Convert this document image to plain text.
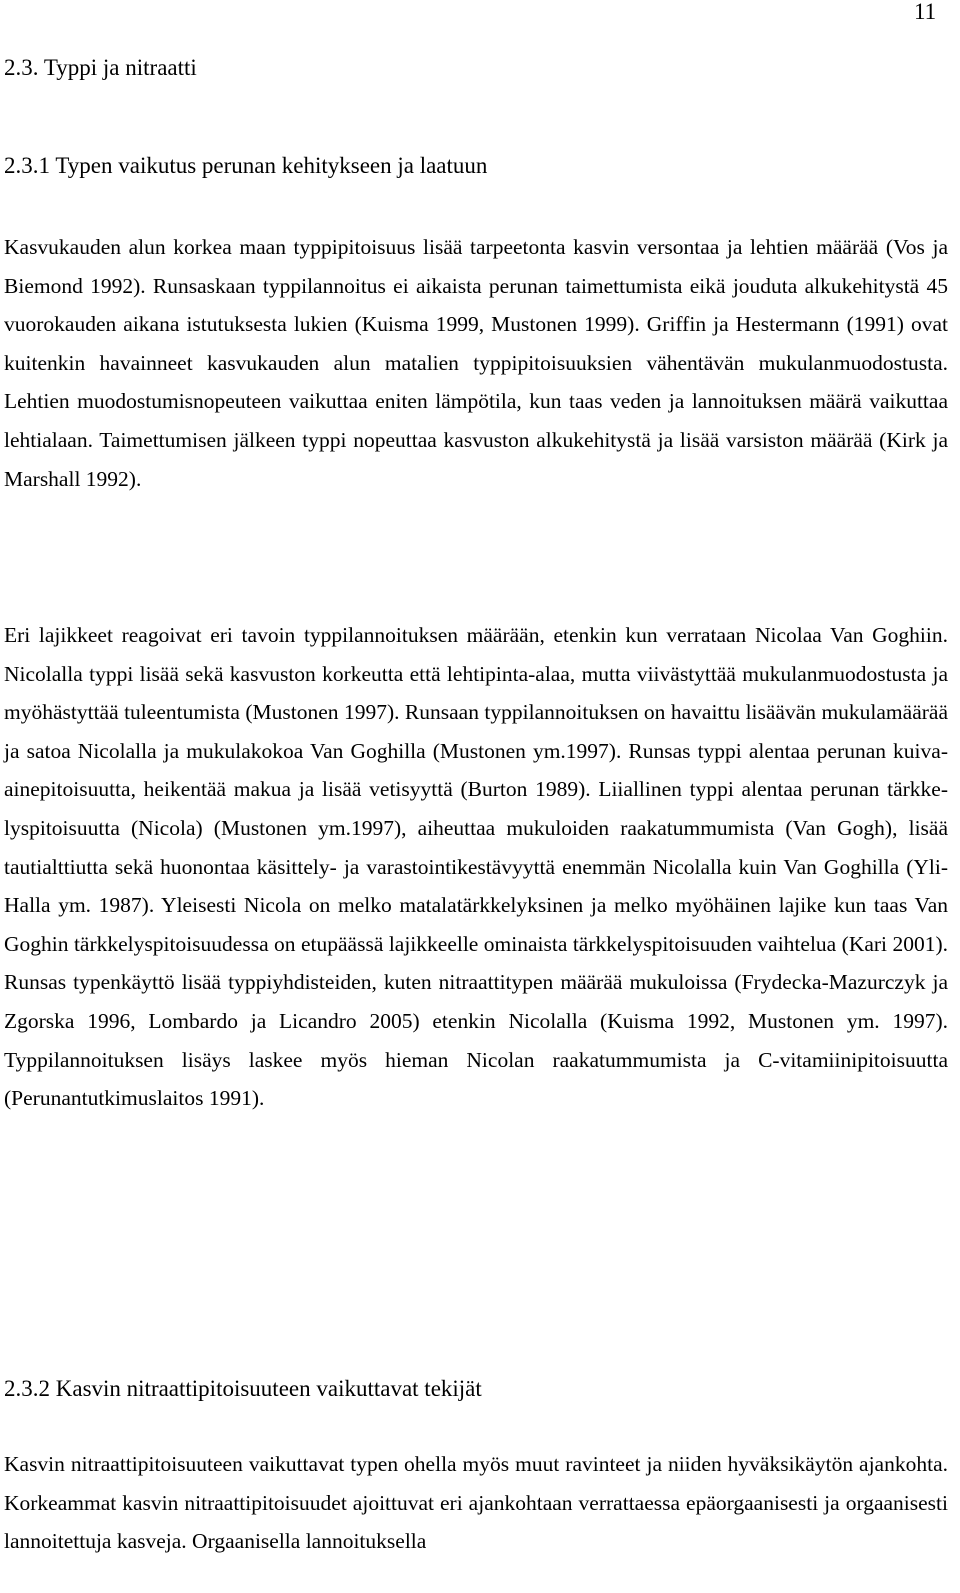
11
2.3. Typpi ja nitraatti
2.3.1 Typen vaikutus perunan kehitykseen ja laatuun

Kasvukauden alun korkea maan typpipitoisuus lisää tarpeetonta kasvin versontaa ja lehtien määrää (Vos ja Biemond 1992). Runsaskaan typpilannoitus ei aikaista perunan taimettumista eikä jouduta alkukehitystä 45 vuorokauden aikana istutuksesta lukien (Kuisma 1999, Mustonen 1999). Griffin ja Hestermann (1991) ovat kuitenkin havainneet kasvukauden alun matalien typpipitoisuuksien vähentävän mukulanmuodostusta. Lehtien muodostumisnopeuteen vaikuttaa eniten lämpötila, kun taas veden ja lannoituksen määrä vaikuttaa lehtialaan. Taimettumisen jälkeen typpi nopeuttaa kasvuston alkukehitystä ja lisää varsiston määrää (Kirk ja Marshall 1992).

Eri lajikkeet reagoivat eri tavoin typpilannoituksen määrään, etenkin kun verrataan Nicolaa Van Goghiin. Nicolalla typpi lisää sekä kasvuston korkeutta että lehtipinta-alaa, mutta viivästyttää mukulanmuodostusta ja myöhästyttää tuleentumista (Mustonen 1997). Runsaan typpilannoituksen on havaittu lisäävän mukulamäärää ja satoa Nicolalla ja mukulakokoa Van Goghilla (Mustonen ym.1997). Runsas typpi alentaa perunan kuiva-ainepitoisuutta, heikentää makua ja lisää vetisyyttä (Burton 1989). Liiallinen typpi alentaa perunan tärkkelyspitoisuutta (Nicola) (Mustonen ym.1997), aiheuttaa mukuloiden raakatummumista (Van Gogh), lisää tautialttiutta sekä huonontaa käsittely- ja varastointikestävyyttä enemmän Nicolalla kuin Van Goghilla (Yli-Halla ym. 1987). Yleisesti Nicola on melko matalatärkkelyksinen ja melko myöhäinen lajike kun taas Van Goghin tärkkelyspitoisuudessa on etupäässä lajikkeelle ominaista tärkkelyspitoisuuden vaihtelua (Kari 2001). Runsas typenkäyttö lisää typpiyhdisteiden, kuten nitraattitypen määrää mukuloissa (Frydecka-Mazurczyk ja Zgorska 1996, Lombardo ja Licandro 2005) etenkin Nicolalla (Kuisma 1992, Mustonen ym. 1997). Typpilannoituksen lisäys laskee myös hieman Nicolan raakatummumista ja C-vitamiinipitoisuutta (Perunantutkimuslaitos 1991).

2.3.2 Kasvin nitraattipitoisuuteen vaikuttavat tekijät

Kasvin nitraattipitoisuuteen vaikuttavat typen ohella myös muut ravinteet ja niiden hyväksikäytön ajankohta. Korkeammat kasvin nitraattipitoisuudet ajoittuvat eri ajankohtaan verrattaessa epäorgaanisesti ja orgaanisesti lannoitettuja kasveja. Orgaanisella lannoituksella
